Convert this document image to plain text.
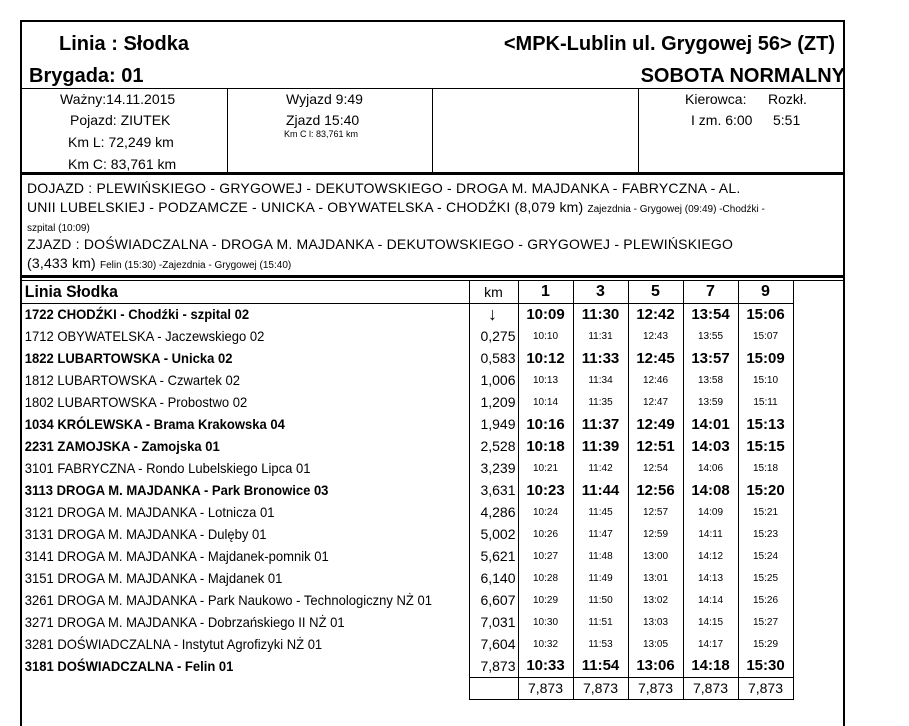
Linia : Słodka	<MPK-Lublin ul. Grygowej 56> (ZT)
Brygada: 01	SOBOTA NORMALNY
Ważny:14.11.2015
Pojazd: ZIUTEK
Km L: 72,249 km
Km C: 83,761 km
Wyjazd 9:49
Zjazd 15:40
Km C l: 83,761 km
Kierowca: Rozkł.
I zm. 6:00 5:51
DOJAZD : PLEWIŃSKIEGO - GRYGOWEJ - DEKUTOWSKIEGO - DROGA M. MAJDANKA - FABRYCZNA - AL.
UNII LUBELSKIEJ - PODZAMCZE - UNICKA - OBYWATELSKA - CHODŹKI (8,079 km) Zajezdnia - Grygowej (09:49) -Chodźki -
szpital (10:09)
ZJAZD : DOŚWIADCZALNA - DROGA M. MAJDANKA - DEKUTOWSKIEGO - GRYGOWEJ - PLEWIŃSKIEGO
(3,433 km) Felin (15:30) -Zajezdnia - Grygowej (15:40)
Linia Słodka	km	1	3	5	7	9
1722 CHODŹKI - Chodźki - szpital 02	↓	10:09	11:30	12:42	13:54	15:06
1712 OBYWATELSKA - Jaczewskiego 02	0,275	10:10	11:31	12:43	13:55	15:07
1822 LUBARTOWSKA - Unicka 02	0,583	10:12	11:33	12:45	13:57	15:09
1812 LUBARTOWSKA - Czwartek 02	1,006	10:13	11:34	12:46	13:58	15:10
1802 LUBARTOWSKA - Probostwo 02	1,209	10:14	11:35	12:47	13:59	15:11
1034 KRÓLEWSKA - Brama Krakowska 04	1,949	10:16	11:37	12:49	14:01	15:13
2231 ZAMOJSKA - Zamojska 01	2,528	10:18	11:39	12:51	14:03	15:15
3101 FABRYCZNA - Rondo Lubelskiego Lipca 01	3,239	10:21	11:42	12:54	14:06	15:18
3113 DROGA M. MAJDANKA - Park Bronowice 03	3,631	10:23	11:44	12:56	14:08	15:20
3121 DROGA M. MAJDANKA - Lotnicza 01	4,286	10:24	11:45	12:57	14:09	15:21
3131 DROGA M. MAJDANKA - Dulęby 01	5,002	10:26	11:47	12:59	14:11	15:23
3141 DROGA M. MAJDANKA - Majdanek-pomnik 01	5,621	10:27	11:48	13:00	14:12	15:24
3151 DROGA M. MAJDANKA - Majdanek 01	6,140	10:28	11:49	13:01	14:13	15:25
3261 DROGA M. MAJDANKA - Park Naukowo - Technologiczny NŻ 01	6,607	10:29	11:50	13:02	14:14	15:26
3271 DROGA M. MAJDANKA - Dobrzańskiego II NŻ 01	7,031	10:30	11:51	13:03	14:15	15:27
3281 DOŚWIADCZALNA - Instytut Agrofizyki NŻ 01	7,604	10:32	11:53	13:05	14:17	15:29
3181 DOŚWIADCZALNA - Felin 01	7,873	10:33	11:54	13:06	14:18	15:30
		7,873	7,873	7,873	7,873	7,873
